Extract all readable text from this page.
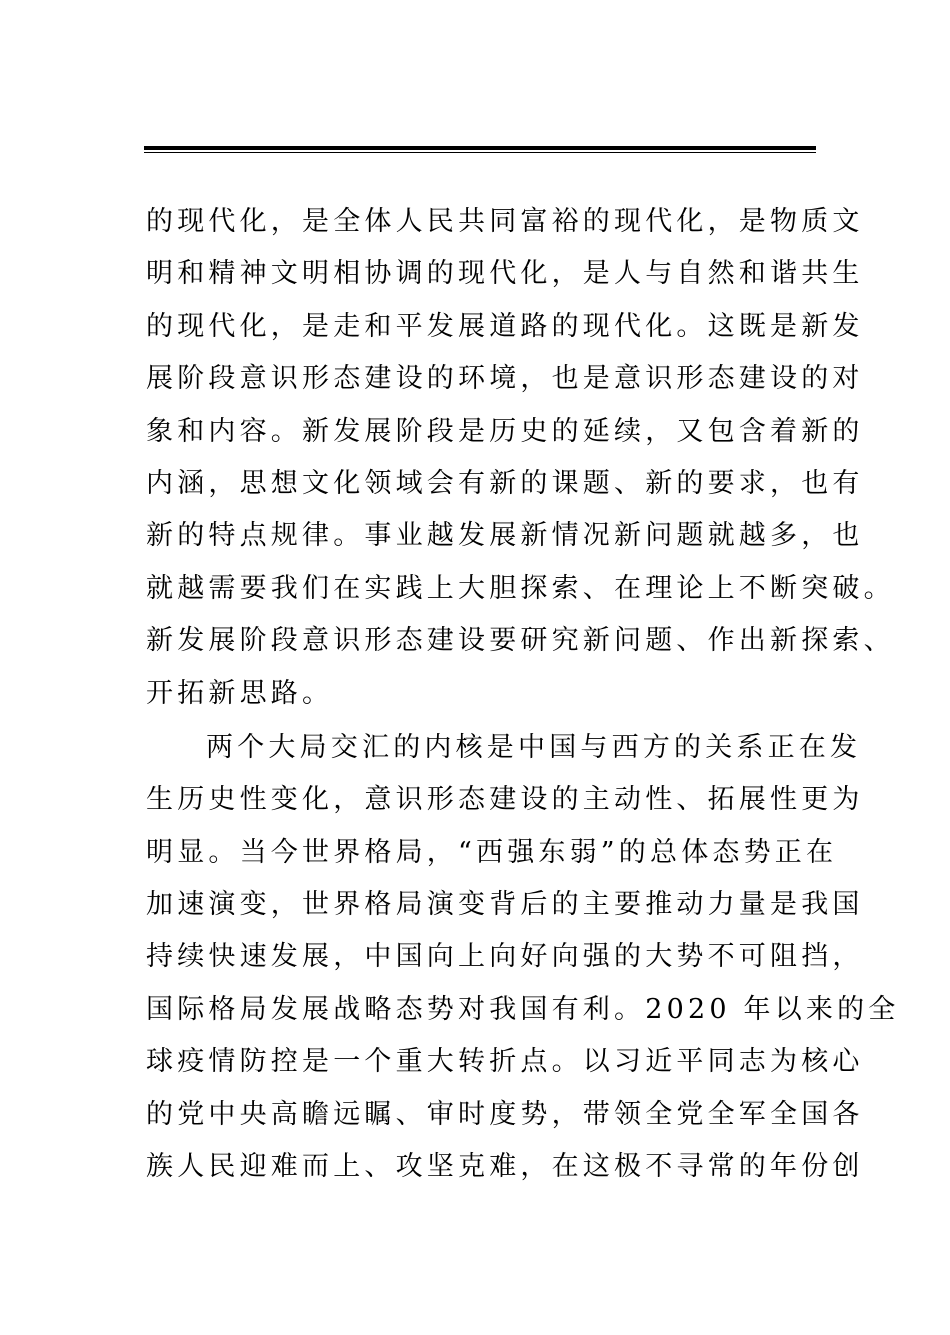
的现代化，是全体人民共同富裕的现代化，是物质文
明和精神文明相协调的现代化，是人与自然和谐共生
的现代化，是走和平发展道路的现代化。这既是新发
展阶段意识形态建设的环境，也是意识形态建设的对
象和内容。新发展阶段是历史的延续，又包含着新的
内涵，思想文化领域会有新的课题、新的要求，也有
新的特点规律。事业越发展新情况新问题就越多，也
就越需要我们在实践上大胆探索、在理论上不断突破。
新发展阶段意识形态建设要研究新问题、作出新探索、
开拓新思路。
两个大局交汇的内核是中国与西方的关系正在发
生历史性变化，意识形态建设的主动性、拓展性更为
明显。当今世界格局，“西强东弱”的总体态势正在
加速演变，世界格局演变背后的主要推动力量是我国
持续快速发展，中国向上向好向强的大势不可阻挡，
国际格局发展战略态势对我国有利。2020 年以来的全
球疫情防控是一个重大转折点。以习近平同志为核心
的党中央高瞻远瞩、审时度势，带领全党全军全国各
族人民迎难而上、攻坚克难，在这极不寻常的年份创
